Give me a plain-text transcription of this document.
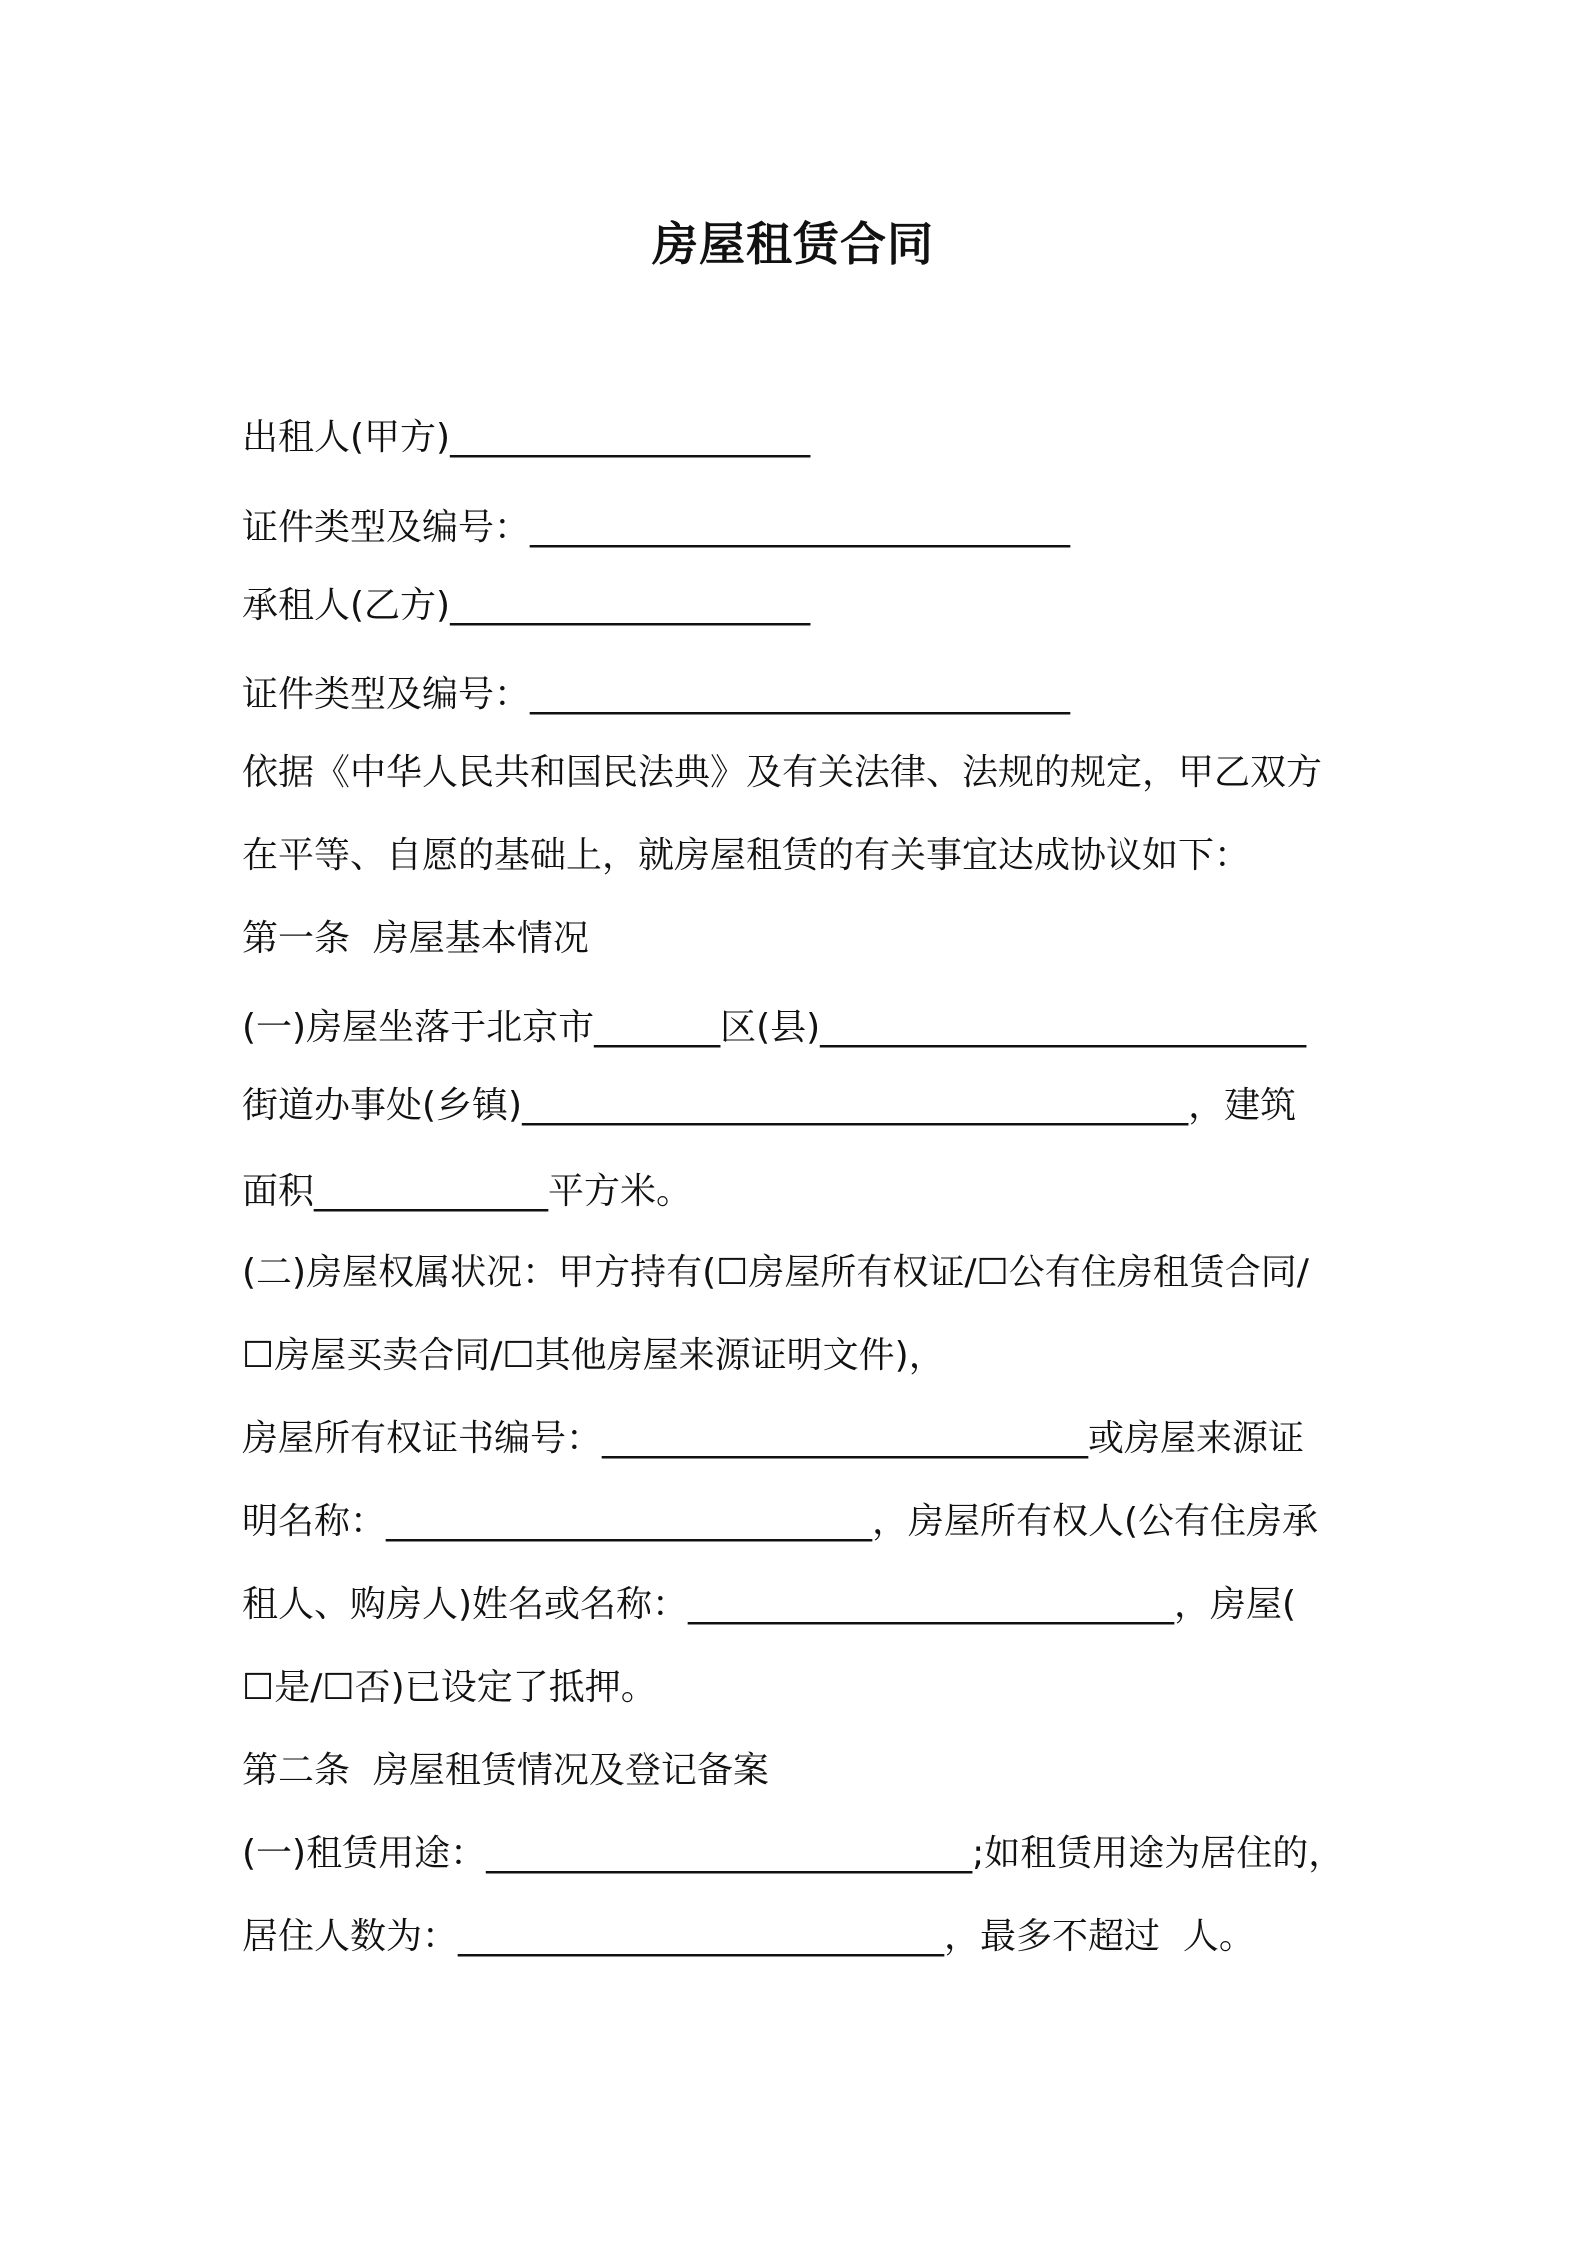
房屋租赁合同
出租人(甲方)____________________
证件类型及编号：______________________________
承租人(乙方)____________________
证件类型及编号：______________________________
依据《中华人民共和国民法典》及有关法律、法规的规定，甲乙双方
在平等、自愿的基础上，就房屋租赁的有关事宜达成协议如下：
第一条  房屋基本情况
(一)房屋坐落于北京市_______区(县)___________________________
街道办事处(乡镇)_____________________________________，建筑
面积_____________平方米。
(二)房屋权属状况：甲方持有(☐房屋所有权证/☐公有住房租赁合同/
☐房屋买卖合同/☐其他房屋来源证明文件)，
房屋所有权证书编号：___________________________或房屋来源证
明名称：___________________________，房屋所有权人(公有住房承
租人、购房人)姓名或名称：___________________________，房屋(
☐是/☐否)已设定了抵押。
第二条  房屋租赁情况及登记备案
(一)租赁用途：___________________________;如租赁用途为居住的，
居住人数为：___________________________，最多不超过  人。
